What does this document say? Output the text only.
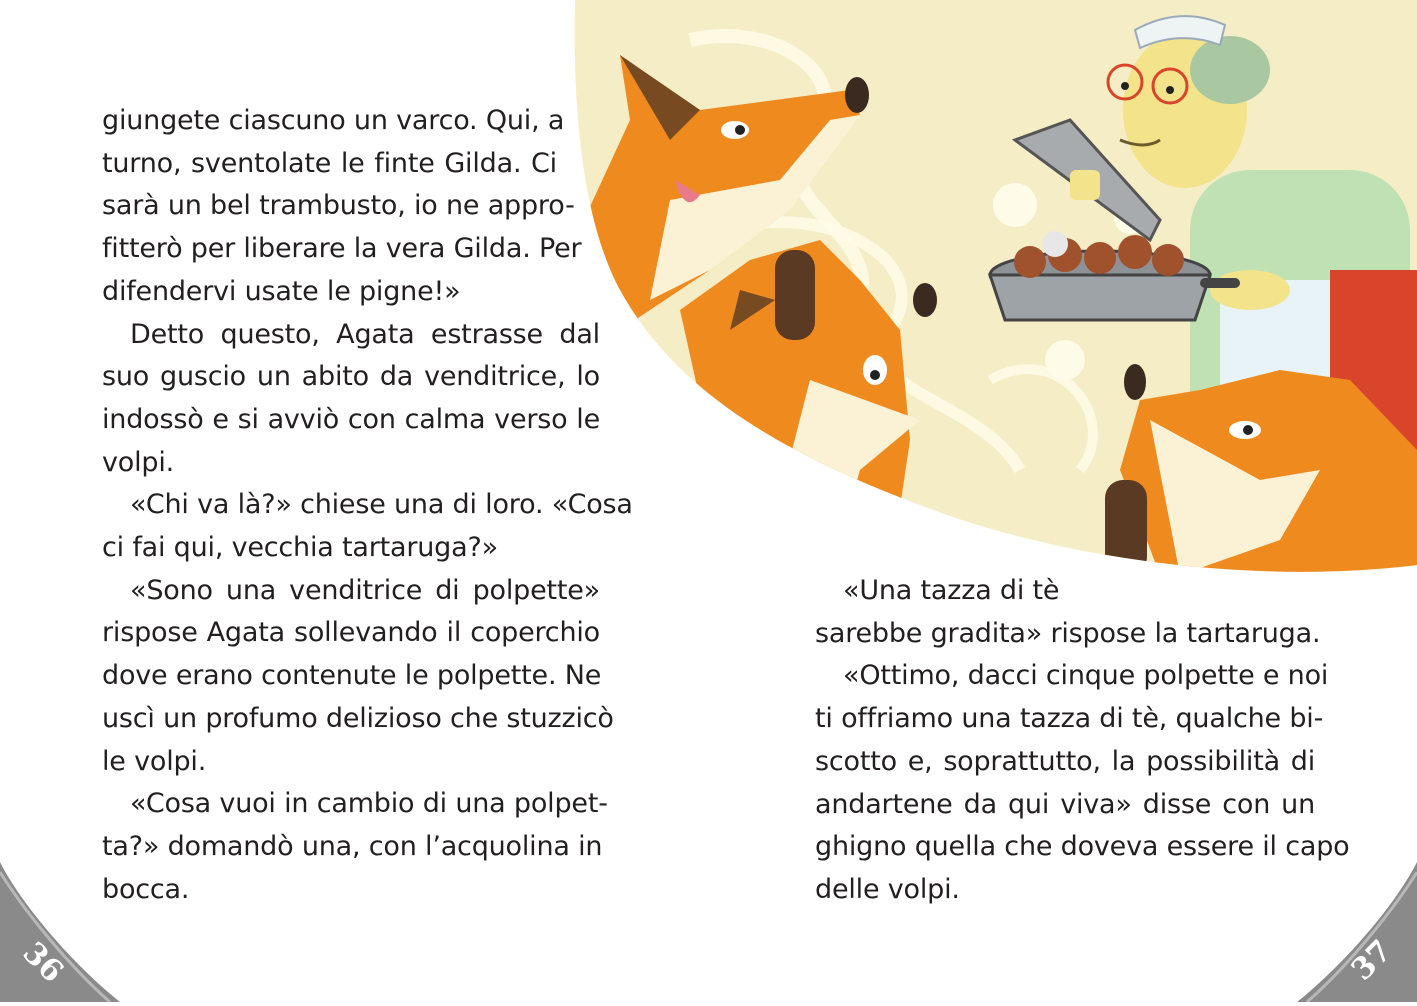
giungete ciascuno un varco. Qui, a
turno, sventolate le finte Gilda. Ci
sarà un bel trambusto, io ne appro-
fitterò per liberare la vera Gilda. Per
difendervi usate le pigne!»
Detto questo, Agata estrasse dal
suo guscio un abito da venditrice, lo
indossò e si avviò con calma verso le
volpi.
«Chi va là?» chiese una di loro. «Cosa
ci fai qui, vecchia tartaruga?»
«Sono una venditrice di polpette»
rispose Agata sollevando il coperchio
dove erano contenute le polpette. Ne
uscì un profumo delizioso che stuzzicò
le volpi.
«Cosa vuoi in cambio di una polpet-
ta?» domandò una, con l’acquolina in
bocca.
«Una tazza di tè
sarebbe gradita» rispose la tartaruga.
«Ottimo, dacci cinque polpette e noi
ti offriamo una tazza di tè, qualche bi-
scotto e, soprattutto, la possibilità di
andartene da qui viva» disse con un
ghigno quella che doveva essere il capo
delle volpi.
36	37
